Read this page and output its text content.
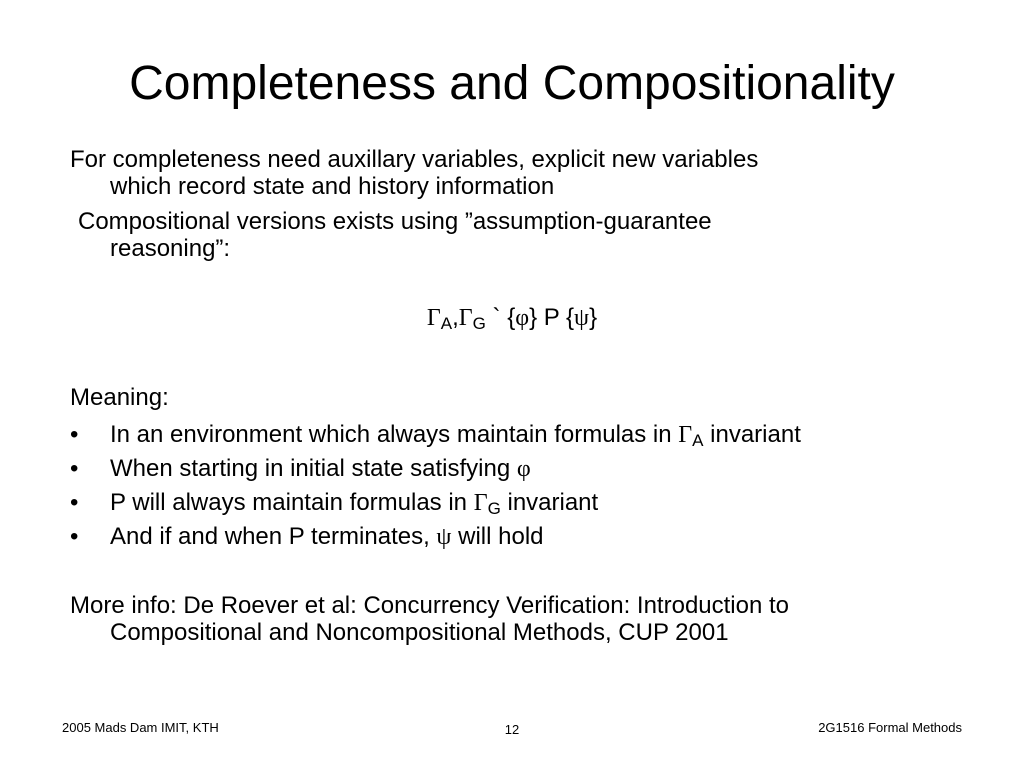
Completeness and Compositionality
For completeness need auxillary variables, explicit new variables
which record state and history information
Compositional versions exists using ”assumption-guarantee
reasoning”:
$\Gamma_A,\Gamma_G$ ` {φ} P {ψ}
Meaning:
• In an environment which always maintain formulas in $\Gamma_A$ invariant
• When starting in initial state satisfying φ
• P will always maintain formulas in $\Gamma_G$ invariant
• And if and when P terminates, ψ will hold
More info: De Roever et al: Concurrency Verification: Introduction to
Compositional and Noncompositional Methods, CUP 2001
2005 Mads Dam IMIT, KTH	12	2G1516 Formal Methods
